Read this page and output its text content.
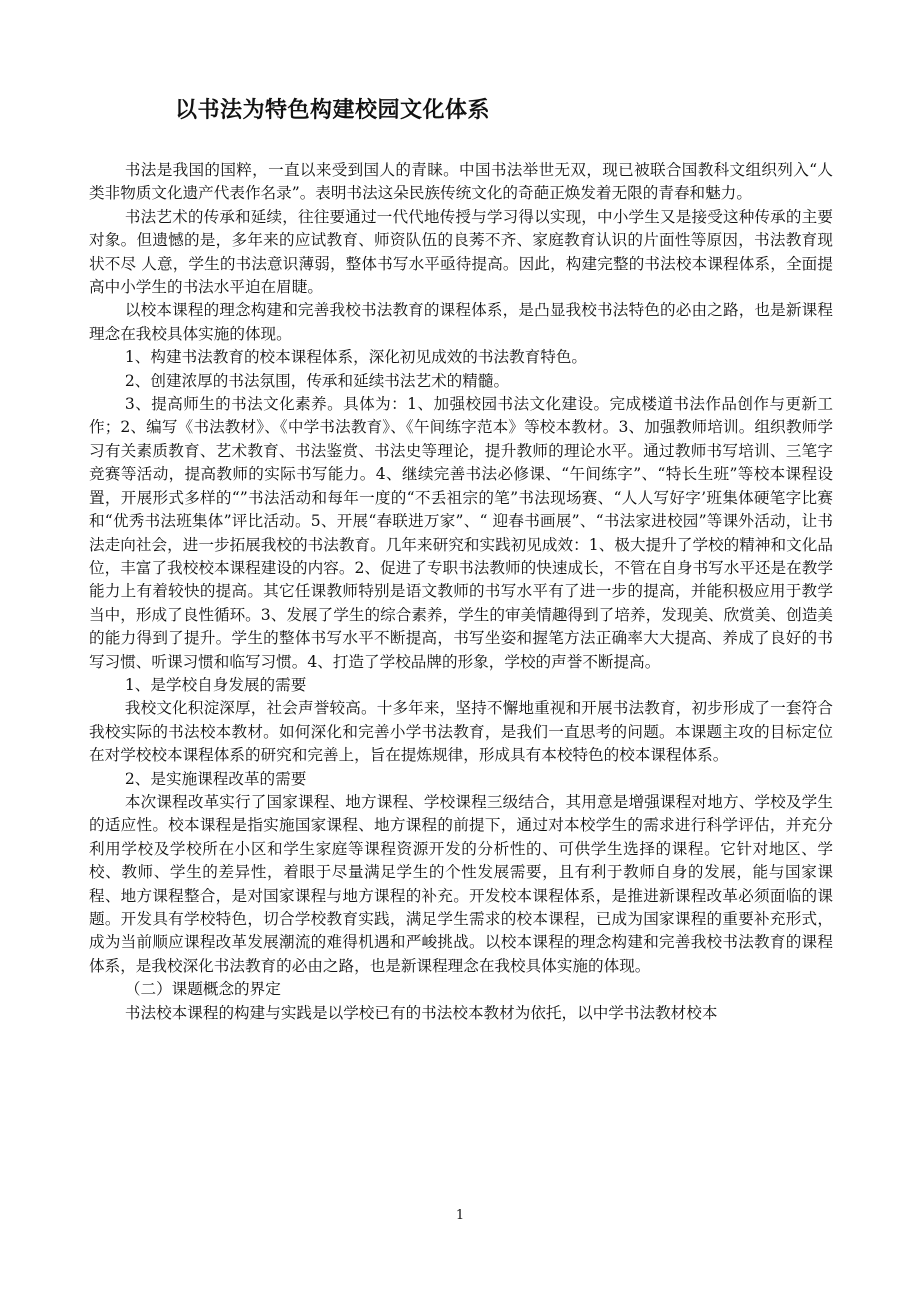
以书法为特色构建校园文化体系

书法是我国的国粹，一直以来受到国人的青睐。中国书法举世无双，现已被联合国教科文组织列入“人类非物质文化遗产代表作名录”。表明书法这朵民族传统文化的奇葩正焕发着无限的青春和魅力。

书法艺术的传承和延续，往往要通过一代代地传授与学习得以实现，中小学生又是接受这种传承的主要对象。但遗憾的是，多年来的应试教育、师资队伍的良莠不齐、家庭教育认识的片面性等原因，书法教育现状不尽 人意，学生的书法意识薄弱，整体书写水平亟待提高。因此，构建完整的书法校本课程体系，全面提高中小学生的书法水平迫在眉睫。

以校本课程的理念构建和完善我校书法教育的课程体系，是凸显我校书法特色的必由之路，也是新课程理念在我校具体实施的体现。

1、构建书法教育的校本课程体系，深化初见成效的书法教育特色。

2、创建浓厚的书法氛围，传承和延续书法艺术的精髓。

3、提高师生的书法文化素养。具体为：1、加强校园书法文化建设。完成楼道书法作品创作与更新工作；2、编写《书法教材》、《中学书法教育》、《午间练字范本》等校本教材。3、加强教师培训。组织教师学习有关素质教育、艺术教育、书法鉴赏、书法史等理论，提升教师的理论水平。通过教师书写培训、三笔字竞赛等活动，提高教师的实际书写能力。4、继续完善书法必修课、“午间练字”、“特长生班”等校本课程设置，开展形式多样的“”书法活动和每年一度的“不丢祖宗的笔”书法现场赛、“人人写好字’班集体硬笔字比赛和“优秀书法班集体”评比活动。5、开展“春联进万家”、“ 迎春书画展”、“书法家进校园”等课外活动，让书法走向社会，进一步拓展我校的书法教育。几年来研究和实践初见成效：1、极大提升了学校的精神和文化品位，丰富了我校校本课程建设的内容。2、促进了专职书法教师的快速成长，不管在自身书写水平还是在教学能力上有着较快的提高。其它任课教师特别是语文教师的书写水平有了进一步的提高，并能积极应用于教学当中，形成了良性循环。3、发展了学生的综合素养，学生的审美情趣得到了培养，发现美、欣赏美、创造美的能力得到了提升。学生的整体书写水平不断提高，书写坐姿和握笔方法正确率大大提高、养成了良好的书写习惯、听课习惯和临写习惯。4、打造了学校品牌的形象，学校的声誉不断提高。

1、是学校自身发展的需要

我校文化积淀深厚，社会声誉较高。十多年来，坚持不懈地重视和开展书法教育，初步形成了一套符合我校实际的书法校本教材。如何深化和完善小学书法教育，是我们一直思考的问题。本课题主攻的目标定位在对学校校本课程体系的研究和完善上，旨在提炼规律，形成具有本校特色的校本课程体系。

2、是实施课程改革的需要

本次课程改革实行了国家课程、地方课程、学校课程三级结合，其用意是增强课程对地方、学校及学生的适应性。校本课程是指实施国家课程、地方课程的前提下，通过对本校学生的需求进行科学评估，并充分利用学校及学校所在小区和学生家庭等课程资源开发的分析性的、可供学生选择的课程。它针对地区、学校、教师、学生的差异性，着眼于尽量满足学生的个性发展需要，且有利于教师自身的发展，能与国家课程、地方课程整合，是对国家课程与地方课程的补充。开发校本课程体系，是推进新课程改革必须面临的课题。开发具有学校特色，切合学校教育实践，满足学生需求的校本课程，已成为国家课程的重要补充形式，成为当前顺应课程改革发展潮流的难得机遇和严峻挑战。以校本课程的理念构建和完善我校书法教育的课程体系，是我校深化书法教育的必由之路，也是新课程理念在我校具体实施的体现。

（二）课题概念的界定

书法校本课程的构建与实践是以学校已有的书法校本教材为依托，以中学书法教材校本

1
